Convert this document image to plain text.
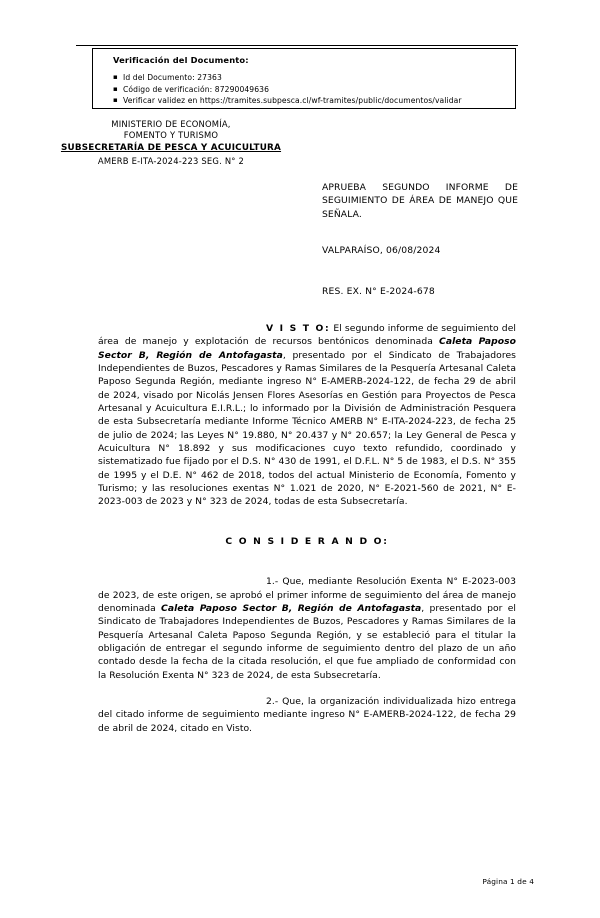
Verificación del Documento:
▪ Id del Documento: 27363
▪ Código de verificación: 87290049636
▪ Verificar validez en https://tramites.subpesca.cl/wf-tramites/public/documentos/validar
MINISTERIO DE ECONOMÍA,
FOMENTO Y TURISMO
SUBSECRETARÍA DE PESCA Y ACUICULTURA
AMERB E-ITA-2024-223 SEG. N° 2
APRUEBA SEGUNDO INFORME DE SEGUIMIENTO DE ÁREA DE MANEJO QUE SEÑALA.
VALPARAÍSO, 06/08/2024
RES. EX. N° E-2024-678

V I S T O: El segundo informe de seguimiento del área de manejo y explotación de recursos bentónicos denominada Caleta Paposo Sector B, Región de Antofagasta, presentado por el Sindicato de Trabajadores Independientes de Buzos, Pescadores y Ramas Similares de la Pesquería Artesanal Caleta Paposo Segunda Región, mediante ingreso N° E-AMERB-2024-122, de fecha 29 de abril de 2024, visado por Nicolás Jensen Flores Asesorías en Gestión para Proyectos de Pesca Artesanal y Acuicultura E.I.R.L.; lo informado por la División de Administración Pesquera de esta Subsecretaría mediante Informe Técnico AMERB N° E-ITA-2024-223, de fecha 25 de julio de 2024; las Leyes N° 19.880, N° 20.437 y N° 20.657; la Ley General de Pesca y Acuicultura N° 18.892 y sus modificaciones cuyo texto refundido, coordinado y sistematizado fue fijado por el D.S. N° 430 de 1991, el D.F.L. N° 5 de 1983, el D.S. N° 355 de 1995 y el D.E. N° 462 de 2018, todos del actual Ministerio de Economía, Fomento y Turismo; y las resoluciones exentas N° 1.021 de 2020, N° E-2021-560 de 2021, N° E-2023-003 de 2023 y N° 323 de 2024, todas de esta Subsecretaría.

C O N S I D E R A N D O:

1.- Que, mediante Resolución Exenta N° E-2023-003 de 2023, de este origen, se aprobó el primer informe de seguimiento del área de manejo denominada Caleta Paposo Sector B, Región de Antofagasta, presentado por el Sindicato de Trabajadores Independientes de Buzos, Pescadores y Ramas Similares de la Pesquería Artesanal Caleta Paposo Segunda Región, y se estableció para el titular la obligación de entregar el segundo informe de seguimiento dentro del plazo de un año contado desde la fecha de la citada resolución, el que fue ampliado de conformidad con la Resolución Exenta N° 323 de 2024, de esta Subsecretaría.

2.- Que, la organización individualizada hizo entrega del citado informe de seguimiento mediante ingreso N° E-AMERB-2024-122, de fecha 29 de abril de 2024, citado en Visto.

Página 1 de 4
